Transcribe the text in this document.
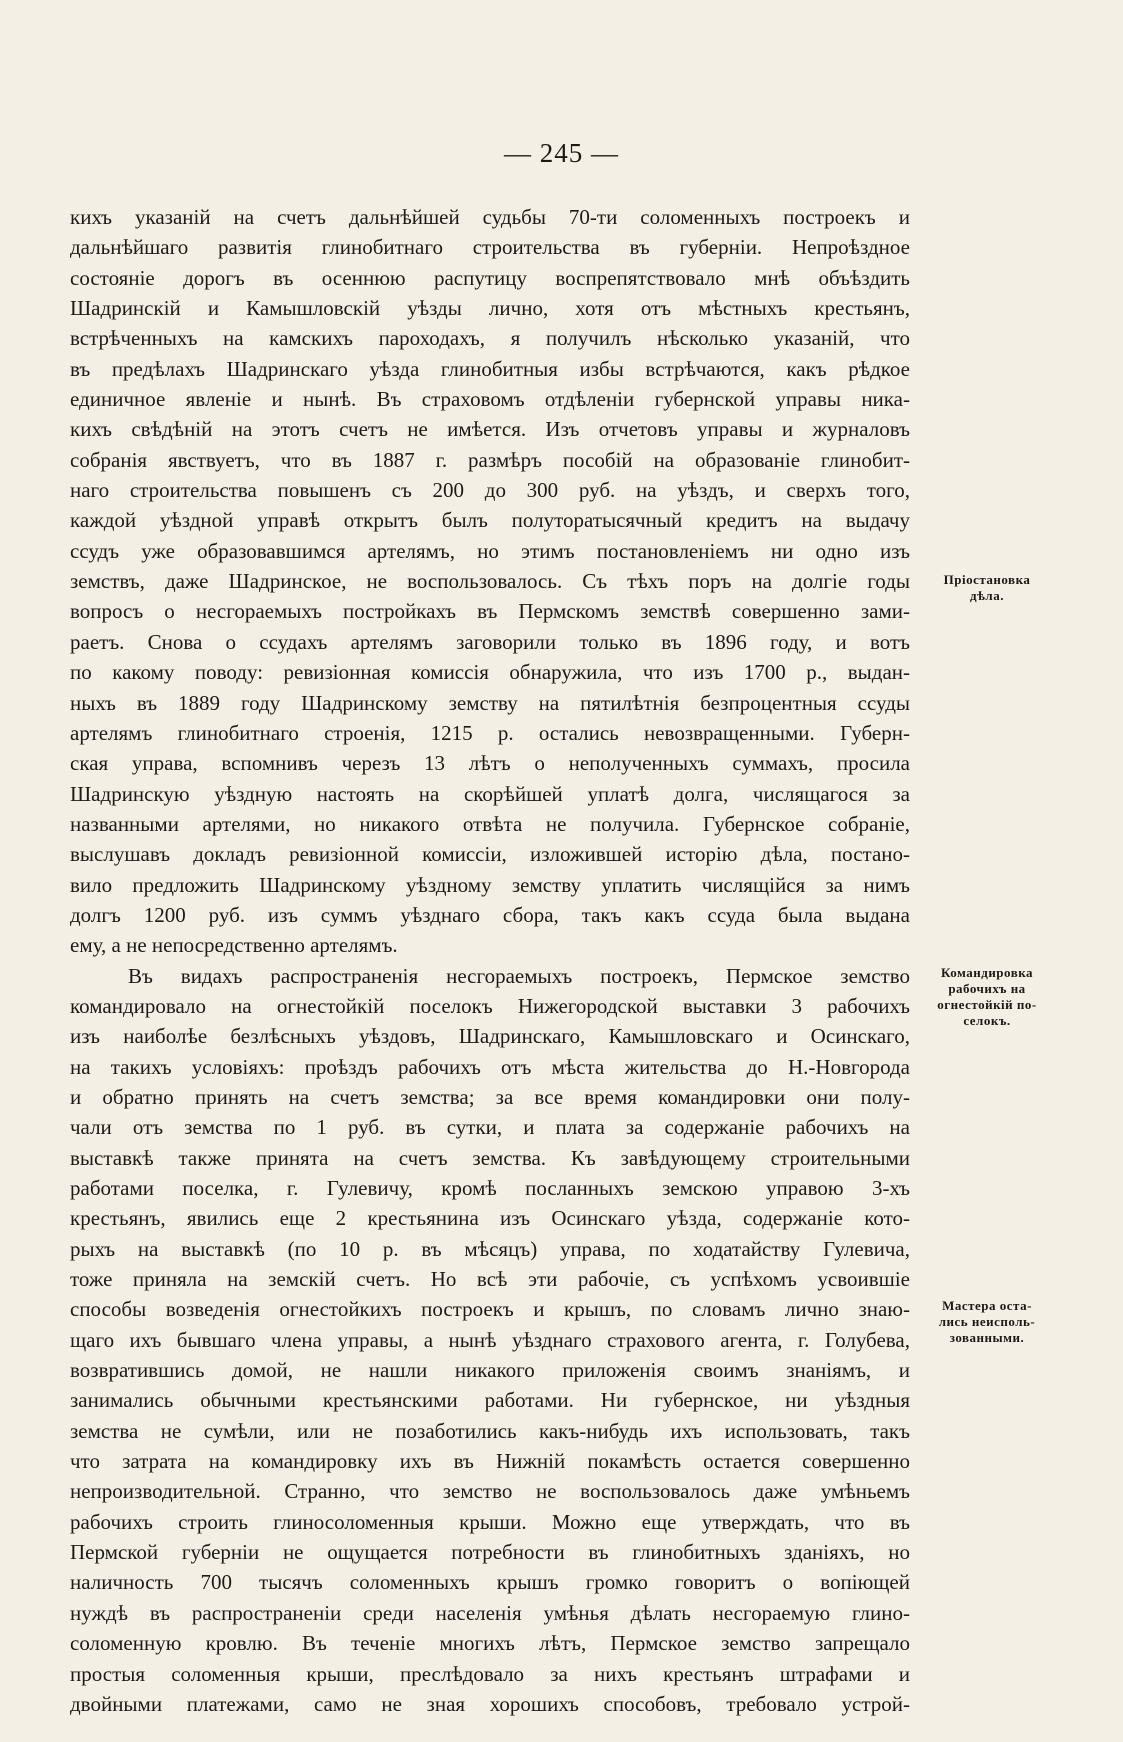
— 245 —
кихъ указаній на счетъ дальнѣйшей судьбы 70-ти соломенныхъ построекъ и
дальнѣйшаго развитія глинобитнаго строительства въ губерніи. Непроѣздное
состояніе дорогъ въ осеннюю распутицу воспрепятствовало мнѣ объѣздить
Шадринскій и Камышловскій уѣзды лично, хотя отъ мѣстныхъ крестьянъ,
встрѣченныхъ на камскихъ пароходахъ, я получилъ нѣсколько указаній, что
въ предѣлахъ Шадринскаго уѣзда глинобитныя избы встрѣчаются, какъ рѣдкое
единичное явленіе и нынѣ. Въ страховомъ отдѣленіи губернской управы ника-
кихъ свѣдѣній на этотъ счетъ не имѣется. Изъ отчетовъ управы и журналовъ
собранія явствуетъ, что въ 1887 г. размѣръ пособій на образованіе глинобит-
наго строительства повышенъ съ 200 до 300 руб. на уѣздъ, и сверхъ того,
каждой уѣздной управѣ открытъ былъ полуторатысячный кредитъ на выдачу
ссудъ уже образовавшимся артелямъ, но этимъ постановленіемъ ни одно изъ
земствъ, даже Шадринское, не воспользовалось. Съ тѣхъ поръ на долгіе годы
вопросъ о несгораемыхъ постройкахъ въ Пермскомъ земствѣ совершенно зами-
раетъ. Снова о ссудахъ артелямъ заговорили только въ 1896 году, и вотъ
по какому поводу: ревизіонная комиссія обнаружила, что изъ 1700 р., выдан-
ныхъ въ 1889 году Шадринскому земству на пятилѣтнія безпроцентныя ссуды
артелямъ глинобитнаго строенія, 1215 р. остались невозвращенными. Губерн-
ская управа, вспомнивъ черезъ 13 лѣтъ о неполученныхъ суммахъ, просила
Шадринскую уѣздную настоять на скорѣйшей уплатѣ долга, числящагося за
названными артелями, но никакого отвѣта не получила. Губернское собраніе,
выслушавъ докладъ ревизіонной комиссіи, изложившей исторію дѣла, постано-
вило предложить Шадринскому уѣздному земству уплатить числящійся за нимъ
долгъ 1200 руб. изъ суммъ уѣзднаго сбора, такъ какъ ссуда была выдана
ему, а не непосредственно артелямъ.
Въ видахъ распространенія несгораемыхъ построекъ, Пермское земство
командировало на огнестойкій поселокъ Нижегородской выставки 3 рабочихъ
изъ наиболѣе безлѣсныхъ уѣздовъ, Шадринскаго, Камышловскаго и Осинскаго,
на такихъ условіяхъ: проѣздъ рабочихъ отъ мѣста жительства до Н.-Новгорода
и обратно принять на счетъ земства; за все время командировки они полу-
чали отъ земства по 1 руб. въ сутки, и плата за содержаніе рабочихъ на
выставкѣ также принята на счетъ земства. Къ завѣдующему строительными
работами поселка, г. Гулевичу, кромѣ посланныхъ земскою управою 3-хъ
крестьянъ, явились еще 2 крестьянина изъ Осинскаго уѣзда, содержаніе кото-
рыхъ на выставкѣ (по 10 р. въ мѣсяцъ) управа, по ходатайству Гулевича,
тоже приняла на земскій счетъ. Но всѣ эти рабочіе, съ успѣхомъ усвоившіе
способы возведенія огнестойкихъ построекъ и крышъ, по словамъ лично знаю-
щаго ихъ бывшаго члена управы, а нынѣ уѣзднаго страхового агента, г. Голубева,
возвратившись домой, не нашли никакого приложенія своимъ знаніямъ, и
занимались обычными крестьянскими работами. Ни губернское, ни уѣздныя
земства не сумѣли, или не позаботились какъ-нибудь ихъ использовать, такъ
что затрата на командировку ихъ въ Нижній покамѣсть остается совершенно
непроизводительной. Странно, что земство не воспользовалось даже умѣньемъ
рабочихъ строить глиносоломенныя крыши. Можно еще утверждать, что въ
Пермской губерніи не ощущается потребности въ глинобитныхъ зданіяхъ, но
наличность 700 тысячъ соломенныхъ крышъ громко говоритъ о вопіющей
нуждѣ въ распространеніи среди населенія умѣнья дѣлать несгораемую глино-
соломенную кровлю. Въ теченіе многихъ лѣтъ, Пермское земство запрещало
простыя соломенныя крыши, преслѣдовало за нихъ крестьянъ штрафами и
двойными платежами, само не зная хорошихъ способовъ, требовало устрой-
Пріостановка
дѣла.
Командировка
рабочихъ на
огнестойкій по-
селокъ.
Мастера оста-
лись неисполь-
зованными.
